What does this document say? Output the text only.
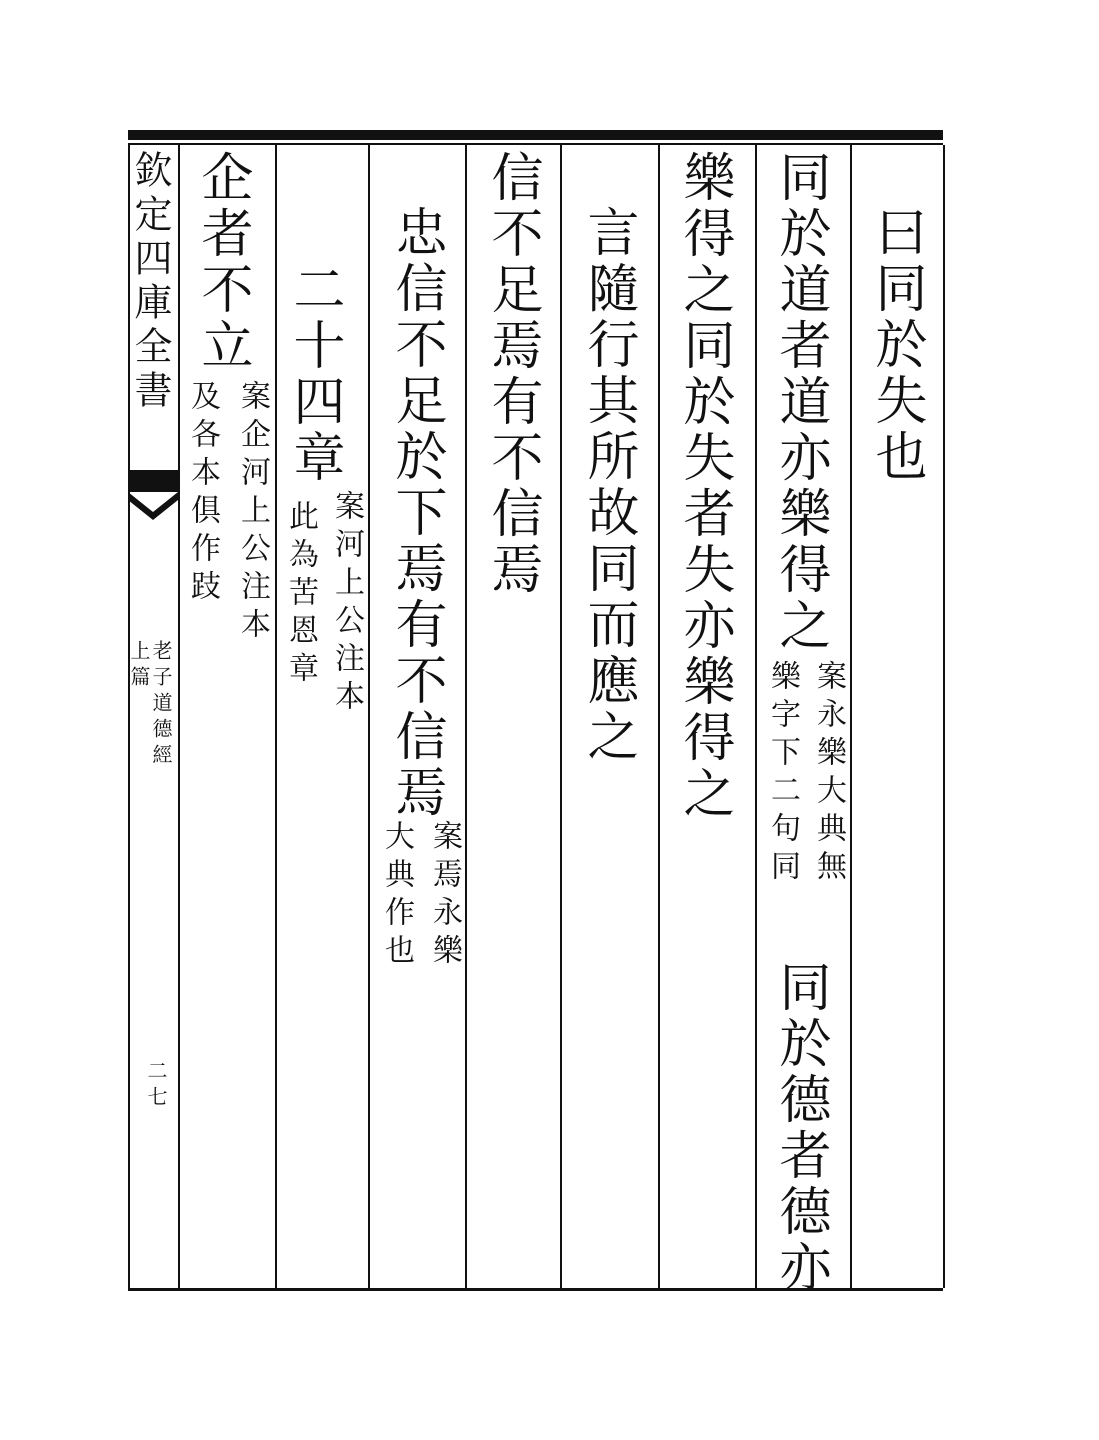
欽定四庫全書
老子道德經
上篇
二七
曰同於失也
同於道者道亦樂得之
案永樂大典無
樂字下二句同
同於德者德亦
樂得之同於失者失亦樂得之
言隨行其所故同而應之
信不足焉有不信焉
忠信不足於下焉有不信焉
案焉永樂
大典作也
案河上公注本
二十四章
此為苦恩章
企者不立
案企河上公注本
及各本俱作跂
